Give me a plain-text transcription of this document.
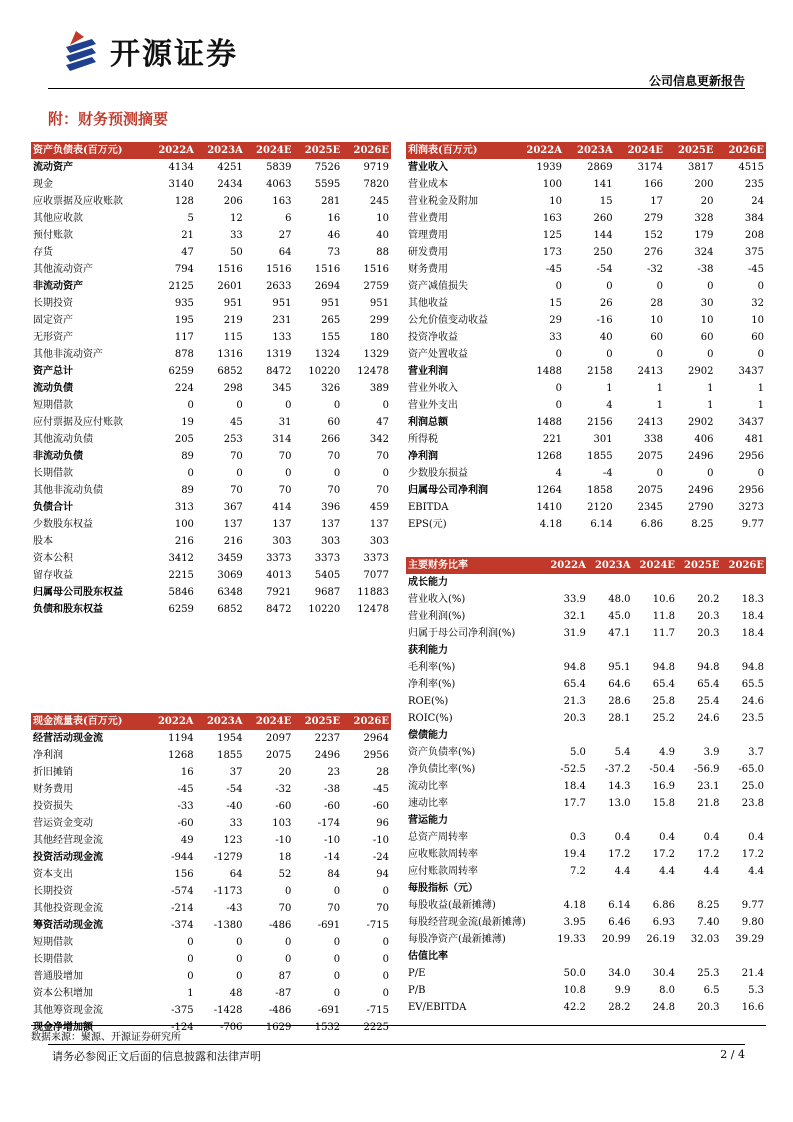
开源证券
公司信息更新报告
附：财务预测摘要
资产负债表(百万元)	2022A	2023A	2024E	2025E	2026E
流动资产	4134	4251	5839	7526	9719
现金	3140	2434	4063	5595	7820
应收票据及应收账款	128	206	163	281	245
其他应收款	5	12	6	16	10
预付账款	21	33	27	46	40
存货	47	50	64	73	88
其他流动资产	794	1516	1516	1516	1516
非流动资产	2125	2601	2633	2694	2759
长期投资	935	951	951	951	951
固定资产	195	219	231	265	299
无形资产	117	115	133	155	180
其他非流动资产	878	1316	1319	1324	1329
资产总计	6259	6852	8472	10220	12478
流动负债	224	298	345	326	389
短期借款	0	0	0	0	0
应付票据及应付账款	19	45	31	60	47
其他流动负债	205	253	314	266	342
非流动负债	89	70	70	70	70
长期借款	0	0	0	0	0
其他非流动负债	89	70	70	70	70
负债合计	313	367	414	396	459
少数股东权益	100	137	137	137	137
股本	216	216	303	303	303
资本公积	3412	3459	3373	3373	3373
留存收益	2215	3069	4013	5405	7077
归属母公司股东权益	5846	6348	7921	9687	11883
负债和股东权益	6259	6852	8472	10220	12478
利润表(百万元)	2022A	2023A	2024E	2025E	2026E
营业收入	1939	2869	3174	3817	4515
营业成本	100	141	166	200	235
营业税金及附加	10	15	17	20	24
营业费用	163	260	279	328	384
管理费用	125	144	152	179	208
研发费用	173	250	276	324	375
财务费用	-45	-54	-32	-38	-45
资产减值损失	0	0	0	0	0
其他收益	15	26	28	30	32
公允价值变动收益	29	-16	10	10	10
投资净收益	33	40	60	60	60
资产处置收益	0	0	0	0	0
营业利润	1488	2158	2413	2902	3437
营业外收入	0	1	1	1	1
营业外支出	0	4	1	1	1
利润总额	1488	2156	2413	2902	3437
所得税	221	301	338	406	481
净利润	1268	1855	2075	2496	2956
少数股东损益	4	-4	0	0	0
归属母公司净利润	1264	1858	2075	2496	2956
EBITDA	1410	2120	2345	2790	3273
EPS(元)	4.18	6.14	6.86	8.25	9.77
现金流量表(百万元)	2022A	2023A	2024E	2025E	2026E
经营活动现金流	1194	1954	2097	2237	2964
净利润	1268	1855	2075	2496	2956
折旧摊销	16	37	20	23	28
财务费用	-45	-54	-32	-38	-45
投资损失	-33	-40	-60	-60	-60
营运资金变动	-60	33	103	-174	96
其他经营现金流	49	123	-10	-10	-10
投资活动现金流	-944	-1279	18	-14	-24
资本支出	156	64	52	84	94
长期投资	-574	-1173	0	0	0
其他投资现金流	-214	-43	70	70	70
筹资活动现金流	-374	-1380	-486	-691	-715
短期借款	0	0	0	0	0
长期借款	0	0	0	0	0
普通股增加	0	0	87	0	0
资本公积增加	1	48	-87	0	0
其他筹资现金流	-375	-1428	-486	-691	-715
现金净增加额	-124	-706	1629	1532	2225
主要财务比率	2022A	2023A	2024E	2025E	2026E
成长能力					
营业收入(%)	33.9	48.0	10.6	20.2	18.3
营业利润(%)	32.1	45.0	11.8	20.3	18.4
归属于母公司净利润(%)	31.9	47.1	11.7	20.3	18.4
获利能力					
毛利率(%)	94.8	95.1	94.8	94.8	94.8
净利率(%)	65.4	64.6	65.4	65.4	65.5
ROE(%)	21.3	28.6	25.8	25.4	24.6
ROIC(%)	20.3	28.1	25.2	24.6	23.5
偿债能力					
资产负债率(%)	5.0	5.4	4.9	3.9	3.7
净负债比率(%)	-52.5	-37.2	-50.4	-56.9	-65.0
流动比率	18.4	14.3	16.9	23.1	25.0
速动比率	17.7	13.0	15.8	21.8	23.8
营运能力					
总资产周转率	0.3	0.4	0.4	0.4	0.4
应收账款周转率	19.4	17.2	17.2	17.2	17.2
应付账款周转率	7.2	4.4	4.4	4.4	4.4
每股指标（元）					
每股收益(最新摊薄)	4.18	6.14	6.86	8.25	9.77
每股经营现金流(最新摊薄)	3.95	6.46	6.93	7.40	9.80
每股净资产(最新摊薄)	19.33	20.99	26.19	32.03	39.29
估值比率					
P/E	50.0	34.0	30.4	25.3	21.4
P/B	10.8	9.9	8.0	6.5	5.3
EV/EBITDA	42.2	28.2	24.8	20.3	16.6
数据来源：聚源、开源证券研究所
请务必参阅正文后面的信息披露和法律声明	2 / 4
